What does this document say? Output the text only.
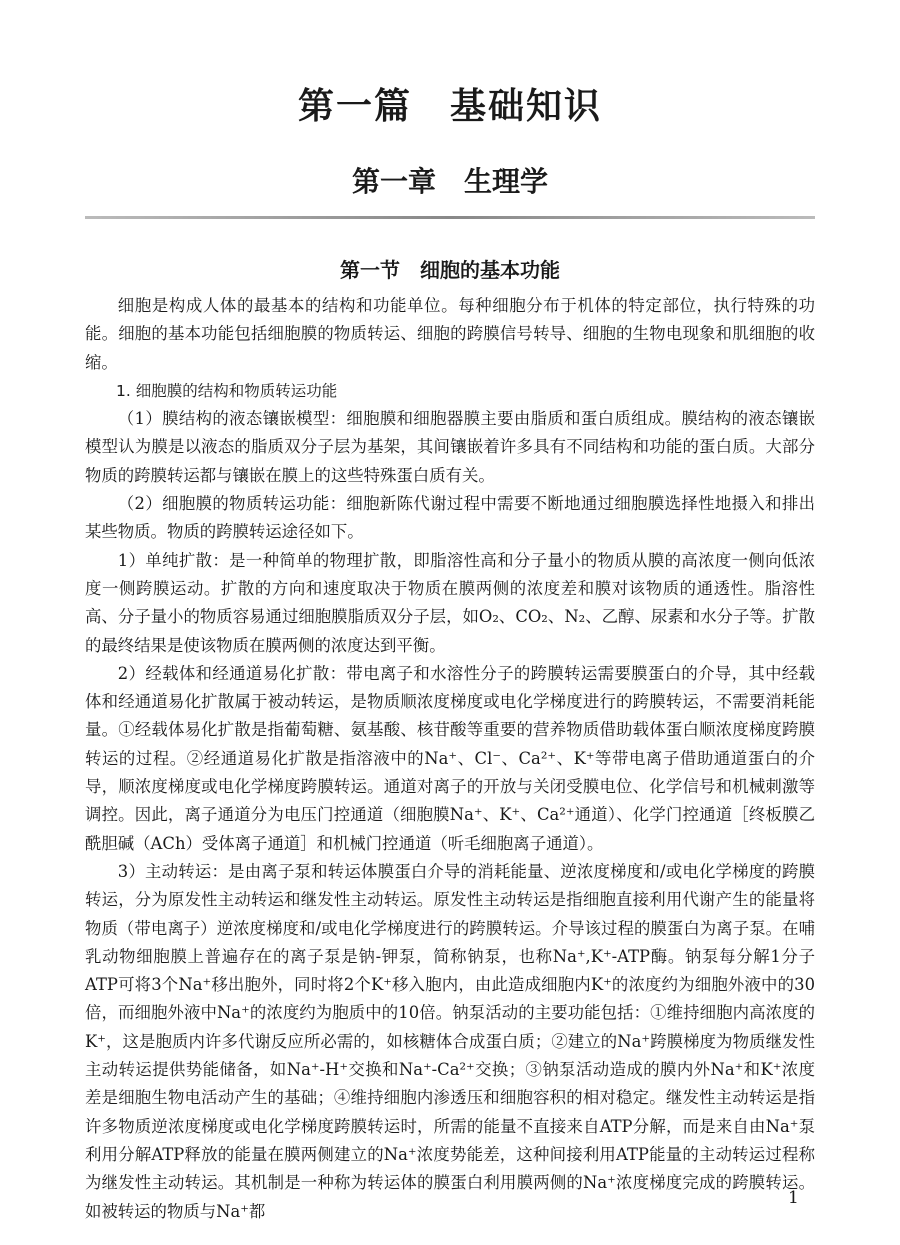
第一篇　基础知识
第一章　生理学
第一节　细胞的基本功能

细胞是构成人体的最基本的结构和功能单位。每种细胞分布于机体的特定部位，执行特殊的功能。细胞的基本功能包括细胞膜的物质转运、细胞的跨膜信号转导、细胞的生物电现象和肌细胞的收缩。

1. 细胞膜的结构和物质转运功能

（1）膜结构的液态镶嵌模型：细胞膜和细胞器膜主要由脂质和蛋白质组成。膜结构的液态镶嵌模型认为膜是以液态的脂质双分子层为基架，其间镶嵌着许多具有不同结构和功能的蛋白质。大部分物质的跨膜转运都与镶嵌在膜上的这些特殊蛋白质有关。

（2）细胞膜的物质转运功能：细胞新陈代谢过程中需要不断地通过细胞膜选择性地摄入和排出某些物质。物质的跨膜转运途径如下。

1）单纯扩散：是一种简单的物理扩散，即脂溶性高和分子量小的物质从膜的高浓度一侧向低浓度一侧跨膜运动。扩散的方向和速度取决于物质在膜两侧的浓度差和膜对该物质的通透性。脂溶性高、分子量小的物质容易通过细胞膜脂质双分子层，如O₂、CO₂、N₂、乙醇、尿素和水分子等。扩散的最终结果是使该物质在膜两侧的浓度达到平衡。

2）经载体和经通道易化扩散：带电离子和水溶性分子的跨膜转运需要膜蛋白的介导，其中经载体和经通道易化扩散属于被动转运，是物质顺浓度梯度或电化学梯度进行的跨膜转运，不需要消耗能量。①经载体易化扩散是指葡萄糖、氨基酸、核苷酸等重要的营养物质借助载体蛋白顺浓度梯度跨膜转运的过程。②经通道易化扩散是指溶液中的Na⁺、Cl⁻、Ca²⁺、K⁺等带电离子借助通道蛋白的介导，顺浓度梯度或电化学梯度跨膜转运。通道对离子的开放与关闭受膜电位、化学信号和机械刺激等调控。因此，离子通道分为电压门控通道（细胞膜Na⁺、K⁺、Ca²⁺通道）、化学门控通道［终板膜乙酰胆碱（ACh）受体离子通道］和机械门控通道（听毛细胞离子通道）。

3）主动转运：是由离子泵和转运体膜蛋白介导的消耗能量、逆浓度梯度和/或电化学梯度的跨膜转运，分为原发性主动转运和继发性主动转运。原发性主动转运是指细胞直接利用代谢产生的能量将物质（带电离子）逆浓度梯度和/或电化学梯度进行的跨膜转运。介导该过程的膜蛋白为离子泵。在哺乳动物细胞膜上普遍存在的离子泵是钠-钾泵，简称钠泵，也称Na⁺,K⁺-ATP酶。钠泵每分解1分子ATP可将3个Na⁺移出胞外，同时将2个K⁺移入胞内，由此造成细胞内K⁺的浓度约为细胞外液中的30倍，而细胞外液中Na⁺的浓度约为胞质中的10倍。钠泵活动的主要功能包括：①维持细胞内高浓度的K⁺，这是胞质内许多代谢反应所必需的，如核糖体合成蛋白质；②建立的Na⁺跨膜梯度为物质继发性主动转运提供势能储备，如Na⁺-H⁺交换和Na⁺-Ca²⁺交换；③钠泵活动造成的膜内外Na⁺和K⁺浓度差是细胞生物电活动产生的基础；④维持细胞内渗透压和细胞容积的相对稳定。继发性主动转运是指许多物质逆浓度梯度或电化学梯度跨膜转运时，所需的能量不直接来自ATP分解，而是来自由Na⁺泵利用分解ATP释放的能量在膜两侧建立的Na⁺浓度势能差，这种间接利用ATP能量的主动转运过程称为继发性主动转运。其机制是一种称为转运体的膜蛋白利用膜两侧的Na⁺浓度梯度完成的跨膜转运。如被转运的物质与Na⁺都

1
